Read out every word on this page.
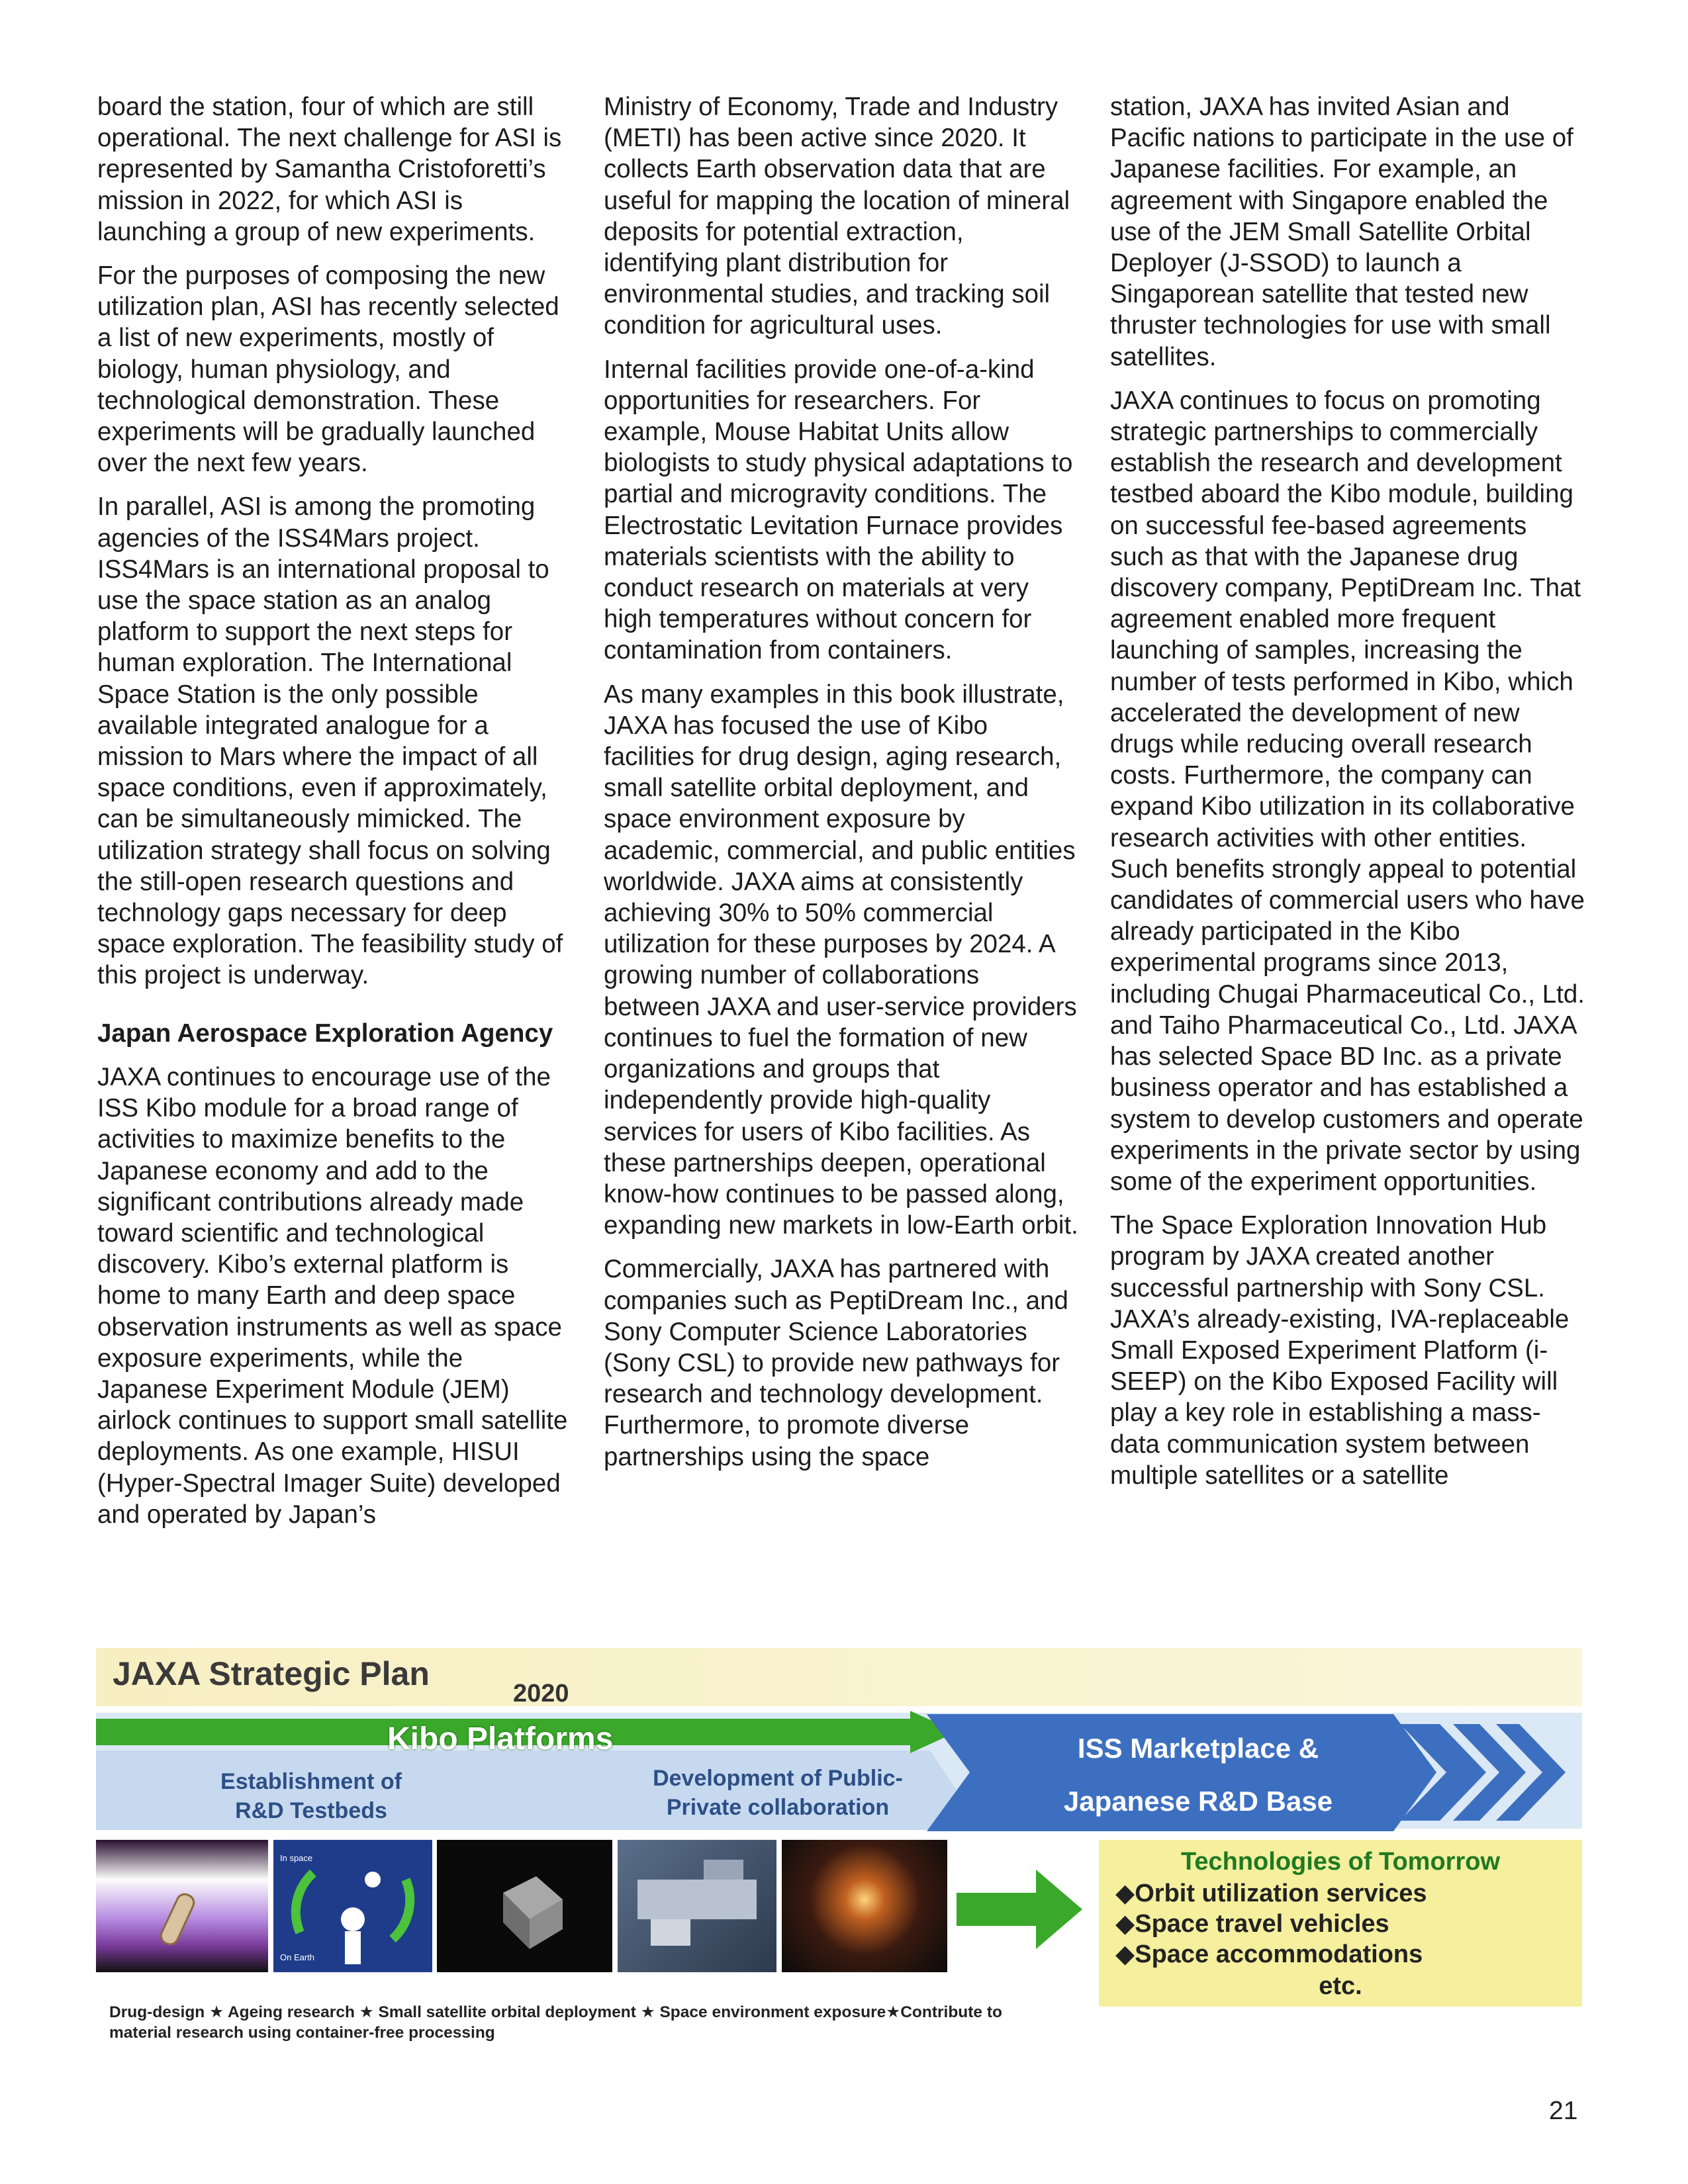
board the station, four of which are still operational. The next challenge for ASI is represented by Samantha Cristoforetti’s mission in 2022, for which ASI is launching a group of new experiments.

For the purposes of composing the new utilization plan, ASI has recently selected a list of new experiments, mostly of biology, human physiology, and technological demonstration. These experiments will be gradually launched over the next few years.

In parallel, ASI is among the promoting agencies of the ISS4Mars project. ISS4Mars is an international proposal to use the space station as an analog platform to support the next steps for human exploration. The International Space Station is the only possible available integrated analogue for a mission to Mars where the impact of all space conditions, even if approximately, can be simultaneously mimicked. The utilization strategy shall focus on solving the still-open research questions and technology gaps necessary for deep space exploration. The feasibility study of this project is underway.

Japan Aerospace Exploration Agency

JAXA continues to encourage use of the ISS Kibo module for a broad range of activities to maximize benefits to the Japanese economy and add to the significant contributions already made toward scientific and technological discovery. Kibo’s external platform is home to many Earth and deep space observation instruments as well as space exposure experiments, while the Japanese Experiment Module (JEM) airlock continues to support small satellite deployments. As one example, HISUI (Hyper-Spectral Imager Suite) developed and operated by Japan’s

Ministry of Economy, Trade and Industry (METI) has been active since 2020. It collects Earth observation data that are useful for mapping the location of mineral deposits for potential extraction, identifying plant distribution for environmental studies, and tracking soil condition for agricultural uses.

Internal facilities provide one-of-a-kind opportunities for researchers. For example, Mouse Habitat Units allow biologists to study physical adaptations to partial and microgravity conditions. The Electrostatic Levitation Furnace provides materials scientists with the ability to conduct research on materials at very high temperatures without concern for contamination from containers.

As many examples in this book illustrate, JAXA has focused the use of Kibo facilities for drug design, aging research, small satellite orbital deployment, and space environment exposure by academic, commercial, and public entities worldwide. JAXA aims at consistently achieving 30% to 50% commercial utilization for these purposes by 2024. A growing number of collaborations between JAXA and user-service providers continues to fuel the formation of new organizations and groups that independently provide high-quality services for users of Kibo facilities. As these partnerships deepen, operational know-how continues to be passed along, expanding new markets in low-Earth orbit.

Commercially, JAXA has partnered with companies such as PeptiDream Inc., and Sony Computer Science Laboratories (Sony CSL) to provide new pathways for research and technology development. Furthermore, to promote diverse partnerships using the space

station, JAXA has invited Asian and Pacific nations to participate in the use of Japanese facilities. For example, an agreement with Singapore enabled the use of the JEM Small Satellite Orbital Deployer (J-SSOD) to launch a Singaporean satellite that tested new thruster technologies for use with small satellites.

JAXA continues to focus on promoting strategic partnerships to commercially establish the research and development testbed aboard the Kibo module, building on successful fee-based agreements such as that with the Japanese drug discovery company, PeptiDream Inc. That agreement enabled more frequent launching of samples, increasing the number of tests performed in Kibo, which accelerated the development of new drugs while reducing overall research costs. Furthermore, the company can expand Kibo utilization in its collaborative research activities with other entities. Such benefits strongly appeal to potential candidates of commercial users who have already participated in the Kibo experimental programs since 2013, including Chugai Pharmaceutical Co., Ltd. and Taiho Pharmaceutical Co., Ltd. JAXA has selected Space BD Inc. as a private business operator and has established a system to develop customers and operate experiments in the private sector by using some of the experiment opportunities.

The Space Exploration Innovation Hub program by JAXA created another successful partnership with Sony CSL. JAXA’s already-existing, IVA-replaceable Small Exposed Experiment Platform (i-SEEP) on the Kibo Exposed Facility will play a key role in establishing a mass-data communication system between multiple satellites or a satellite

JAXA Strategic Plan
2020
Kibo Platforms
Establishment of
R&D Testbeds
Development of Public-
Private collaboration
ISS Marketplace &
Japanese R&D Base
In space
On Earth
Technologies of Tomorrow
◆Orbit utilization services
◆Space travel vehicles
◆Space accommodations
etc.
Drug-design ★ Ageing research ★ Small satellite orbital deployment ★ Space environment exposure★Contribute to
material research using container-free processing
21
